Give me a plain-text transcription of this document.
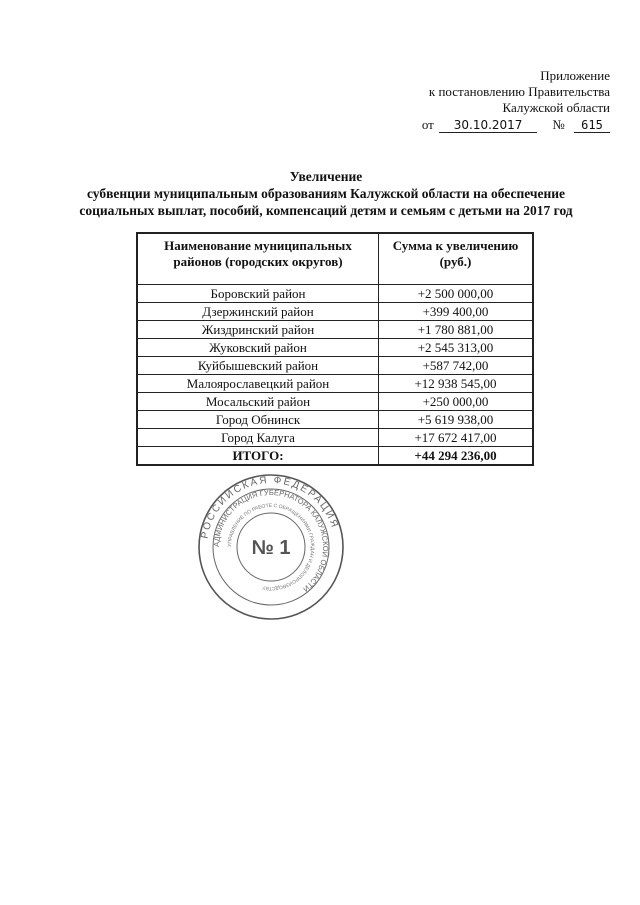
Приложение
к постановлению Правительства
Калужской области
от 30.10.2017 № 615
Увеличение
субвенции муниципальным образованиям Калужской области на обеспечение
социальных выплат, пособий, компенсаций детям и семьям с детьми на 2017 год
Наименование муниципальных районов (городских округов)	Сумма к увеличению (руб.)
Боровский район	+2 500 000,00
Дзержинский район	+399 400,00
Жиздринский район	+1 780 881,00
Жуковский район	+2 545 313,00
Куйбышевский район	+587 742,00
Малоярославецкий район	+12 938 545,00
Мосальский район	+250 000,00
Город Обнинск	+5 619 938,00
Город Калуга	+17 672 417,00
ИТОГО:	+44 294 236,00
РОССИЙСКАЯ ФЕДЕРАЦИЯ
АДМИНИСТРАЦИЯ ГУБЕРНАТОРА КАЛУЖСКОЙ ОБЛАСТИ
УПРАВЛЕНИЕ ПО РАБОТЕ С ОБРАЩЕНИЯМИ ГРАЖДАН И ДЕЛОПРОИЗВОДСТВУ
№ 1
